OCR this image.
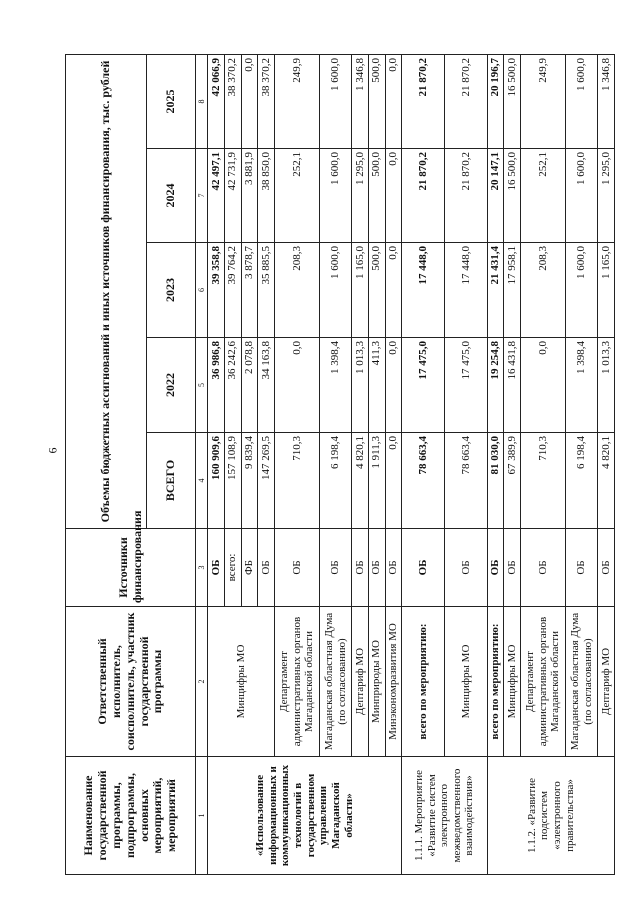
6
Наименование государственной программы, подпрограммы, основных мероприятий, мероприятий	Ответственный исполнитель, соисполнитель, участник государственной программы	Источники финансирования	Объемы бюджетных ассигнований и иных источников финансирования, тыс. рублей				
			ВСЕГО	2022	2023	2024	2025
1	2	3	4	5	6	7	8
«Использование информационных и коммуникационных технологий в государственном управлении Магаданской области»	Минцифры МО	ОБ	160 909,6	36 986,8	39 358,8	42 497,1	42 066,9
		всего:	157 108,9	36 242,6	39 764,2	42 731,9	38 370,2
		ФБ	9 839,4	2 078,8	3 878,7	3 881,9	0,0
		ОБ	147 269,5	34 163,8	35 885,5	38 850,0	38 370,2
	Департамент административных органов Магаданской области	ОБ	710,3	0,0	208,3	252,1	249,9
	Магаданская областная Дума (по согласованию)	ОБ	6 198,4	1 398,4	1 600,0	1 600,0	1 600,0
	Дептариф МО	ОБ	4 820,1	1 013,3	1 165,0	1 295,0	1 346,8
	Минприроды МО	ОБ	1 911,3	411,3	500,0	500,0	500,0
	Минэкономразвития МО	ОБ	0,0	0,0	0,0	0,0	0,0
1.1.1. Мероприятие «Развитие систем электронного межведомственного взаимодействия»	всего по мероприятию:	ОБ	78 663,4	17 475,0	17 448,0	21 870,2	21 870,2
	Минцифры МО	ОБ	78 663,4	17 475,0	17 448,0	21 870,2	21 870,2
1.1.2. «Развитие подсистем «электронного правительства»	всего по мероприятию:	ОБ	81 030,0	19 254,8	21 431,4	20 147,1	20 196,7
	Минцифры МО	ОБ	67 389,9	16 431,8	17 958,1	16 500,0	16 500,0
	Департамент административных органов Магаданской области	ОБ	710,3	0,0	208,3	252,1	249,9
	Магаданская областная Дума (по согласованию)	ОБ	6 198,4	1 398,4	1 600,0	1 600,0	1 600,0
	Дептариф МО	ОБ	4 820,1	1 013,3	1 165,0	1 295,0	1 346,8
